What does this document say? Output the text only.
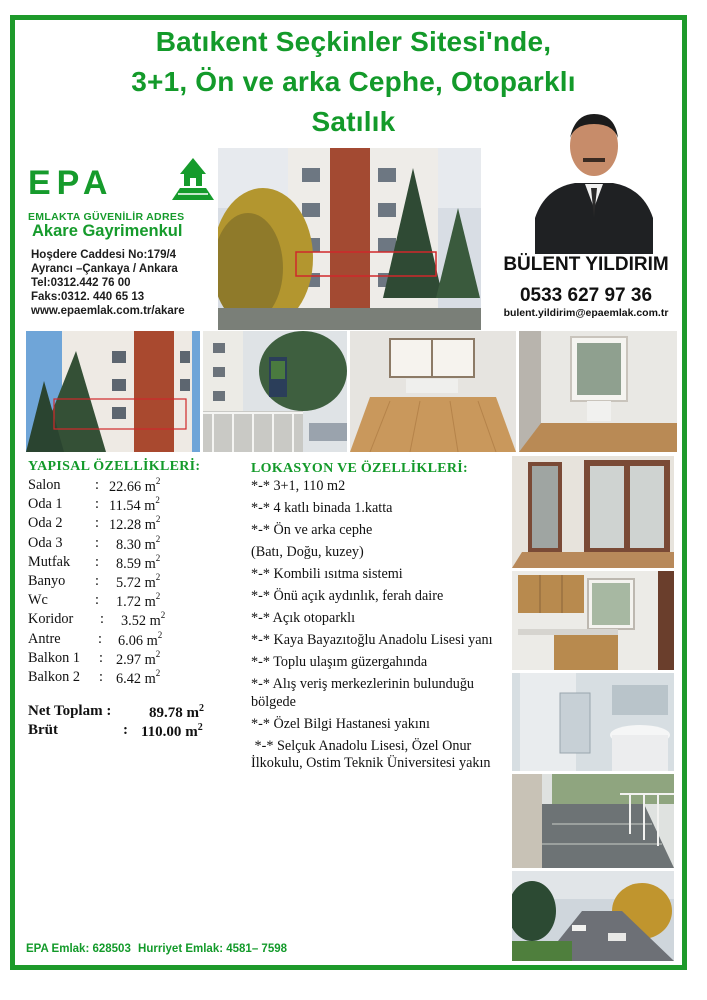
Batıkent Seçkinler Sitesi'nde,
3+1, Ön ve arka Cephe, Otoparklı
Satılık
EPA
EMLAKTA GÜVENİLİR ADRES
Akare Gayrimenkul
Hoşdere Caddesi No:179/4
Ayrancı –Çankaya / Ankara
Tel:0312.442 76 00
Faks:0312. 440 65 13
www.epaemlak.com.tr/akare
BÜLENT YILDIRIM
0533 627 97 36
bulent.yildirim@epaemlak.com.tr
YAPISAL ÖZELLİKLERİ:
Salon : 22.66 $m^2$
Oda 1 : 11.54 $m^2$
Oda 2 : 12.28 $m^2$
Oda 3 : 8.30 $m^2$
Mutfak : 8.59 $m^2$
Banyo : 5.72 $m^2$
Wc	: 1.72 $m^2$
Koridor : 3.52 $m^2$
Antre	: 6.06 $m^2$
Balkon 1 : 2.97 $m^2$
Balkon 2 : 6.42 $m^2$
Net Toplam :	89.78 $m^2$
Brüt	: 110.00 $m^2$
LOKASYON VE ÖZELLİKLERİ:
*-* 3+1, 110 m2
*-* 4 katlı binada 1.katta
*-* Ön ve arka cephe
(Batı, Doğu, kuzey)
*-* Kombili ısıtma sistemi
*-* Önü açık aydınlık, ferah daire
*-* Açık otoparklı
*-* Kaya Bayazıtoğlu Anadolu Lisesi yanı
*-* Toplu ulaşım güzergahında
*-* Alış veriş merkezlerinin bulunduğu bölgede
*-* Özel Bilgi Hastanesi yakını
*-* Selçuk Anadolu Lisesi, Özel Onur İlkokulu, Ostim Teknik Üniversitesi yakın
EPA Emlak: 628503 Hurriyet Emlak: 4581– 7598
